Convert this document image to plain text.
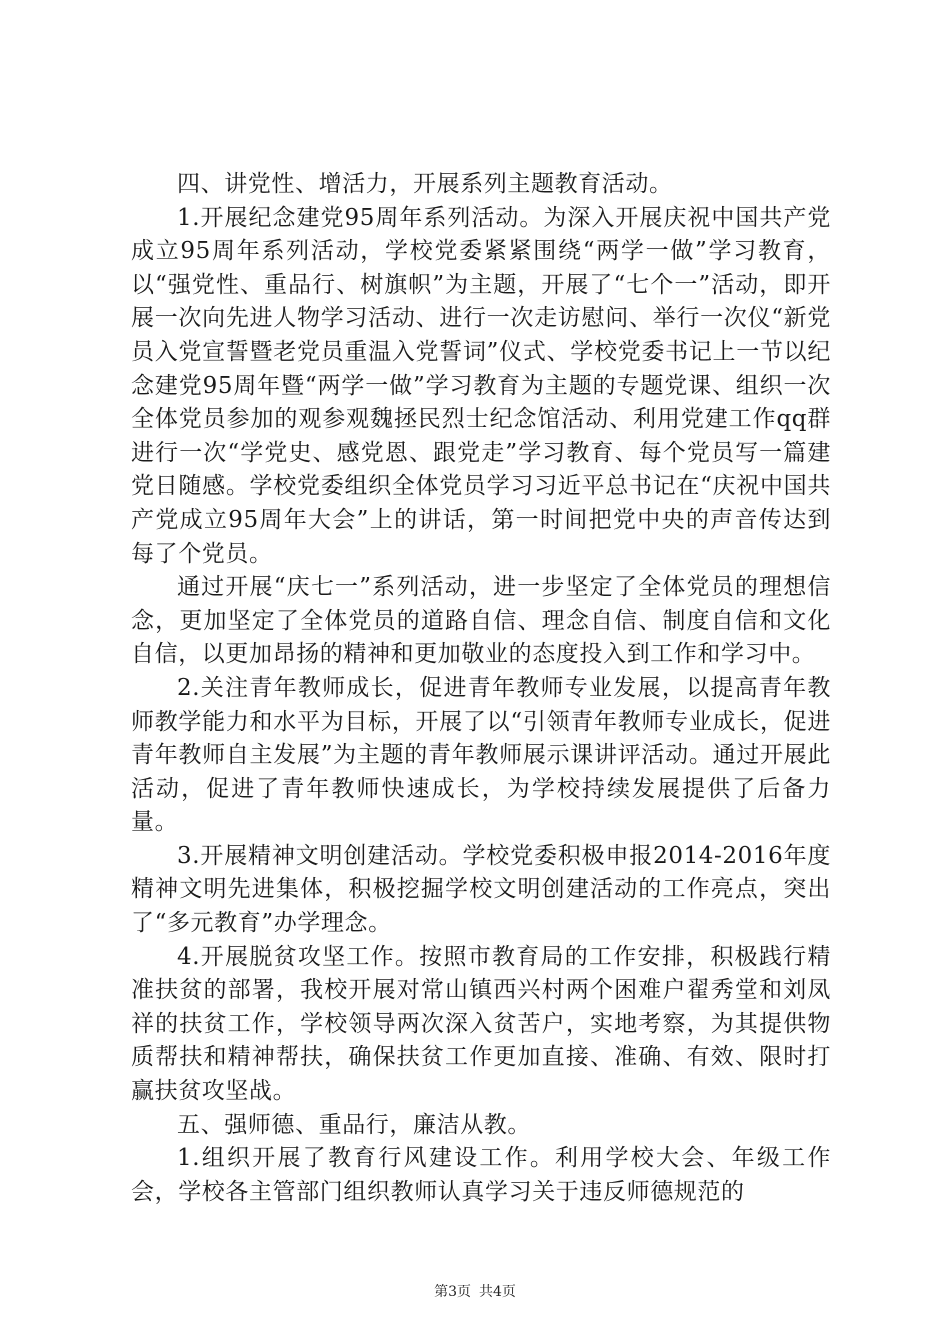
四、讲党性、增活力，开展系列主题教育活动。

1.开展纪念建党95周年系列活动。为深入开展庆祝中国共产党成立95周年系列活动，学校党委紧紧围绕“两学一做”学习教育，以“强党性、重品行、树旗帜”为主题，开展了“七个一”活动，即开展一次向先进人物学习活动、进行一次走访慰问、举行一次仪“新党员入党宣誓暨老党员重温入党誓词”仪式、学校党委书记上一节以纪念建党95周年暨“两学一做”学习教育为主题的专题党课、组织一次全体党员参加的观参观魏拯民烈士纪念馆活动、利用党建工作qq群进行一次“学党史、感党恩、跟党走”学习教育、每个党员写一篇建党日随感。学校党委组织全体党员学习习近平总书记在“庆祝中国共产党成立95周年大会”上的讲话，第一时间把党中央的声音传达到每了个党员。

通过开展“庆七一”系列活动，进一步坚定了全体党员的理想信念，更加坚定了全体党员的道路自信、理念自信、制度自信和文化自信，以更加昂扬的精神和更加敬业的态度投入到工作和学习中。

2.关注青年教师成长，促进青年教师专业发展，以提高青年教师教学能力和水平为目标，开展了以“引领青年教师专业成长，促进青年教师自主发展”为主题的青年教师展示课讲评活动。通过开展此活动，促进了青年教师快速成长，为学校持续发展提供了后备力量。

3.开展精神文明创建活动。学校党委积极申报2014-2016年度精神文明先进集体，积极挖掘学校文明创建活动的工作亮点，突出了“多元教育”办学理念。

4.开展脱贫攻坚工作。按照市教育局的工作安排，积极践行精准扶贫的部署，我校开展对常山镇西兴村两个困难户翟秀堂和刘凤祥的扶贫工作，学校领导两次深入贫苦户，实地考察，为其提供物质帮扶和精神帮扶，确保扶贫工作更加直接、准确、有效、限时打赢扶贫攻坚战。

五、强师德、重品行，廉洁从教。

1.组织开展了教育行风建设工作。利用学校大会、年级工作会，学校各主管部门组织教师认真学习关于违反师德规范的

第3页 共4页
